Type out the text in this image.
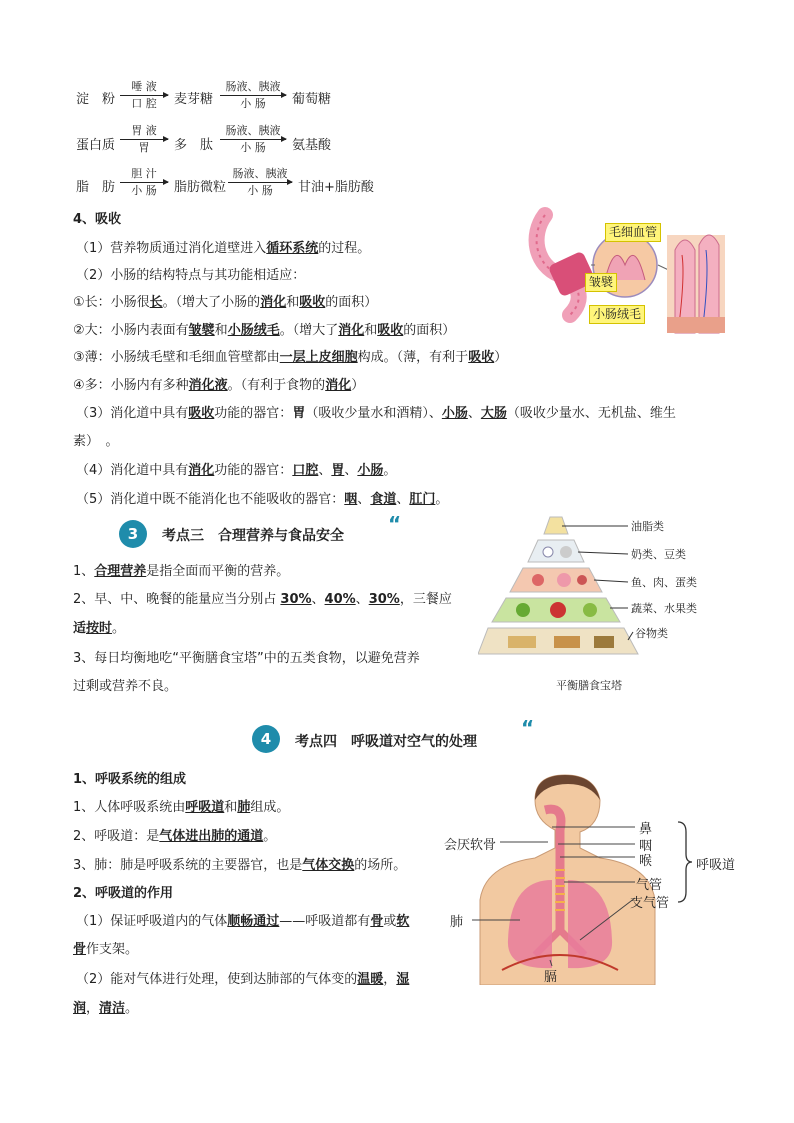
淀　粉
唾 液
口 腔	麦芽糖
肠液、胰液
小 肠	葡萄糖
蛋白质
胃 液
胃	多　肽
肠液、胰液
小 肠	氨基酸
脂　肪
胆 汁
小 肠	脂肪微粒
肠液、胰液
小 肠	甘油+脂肪酸
4、吸收
（1）营养物质通过消化道壁进入循环系统的过程。
（2）小肠的结构特点与其功能相适应：
①长：小肠很长。（增大了小肠的消化和吸收的面积）
②大：小肠内表面有皱襞和小肠绒毛。（增大了消化和吸收的面积）
③薄：小肠绒毛壁和毛细血管壁都由一层上皮细胞构成。（薄，有利于吸收）
④多：小肠内有多种消化液。（有利于食物的消化）
（3）消化道中具有吸收功能的器官：胃（吸收少量水和酒精）、小肠、大肠（吸收少量水、无机盐、维生
素）　。
（4）消化道中具有消化功能的器官：口腔、胃、小肠。
（5）消化道中既不能消化也不能吸收的器官：咽、食道、肛门。
毛细血管
皱襞
小肠绒毛
3	考点三　合理营养与食品安全 “
1、合理营养是指全面而平衡的营养。
2、早、中、晚餐的能量应当分别占 30%、40%、30%，三餐应
适按时。
3、每日均衡地吃“平衡膳食宝塔”中的五类食物，以避免营养
过剩或营养不良。
油脂类
奶类、豆类
鱼、肉、蛋类
蔬菜、水果类
谷物类
平衡膳食宝塔
4	考点四　呼吸道对空气的处理
“
1、呼吸系统的组成
1、人体呼吸系统由呼吸道和肺组成。
2、呼吸道：是气体进出肺的通道。
3、肺：肺是呼吸系统的主要器官，也是气体交换的场所。
2、呼吸道的作用
（1）保证呼吸道内的气体顺畅通过——呼吸道都有骨或软
骨作支架。
（2）能对气体进行处理，使到达肺部的气体变的温暖，湿
润，清洁。
鼻
咽
喉
会厌软骨
气管
支气管
肺
膈
呼吸道
